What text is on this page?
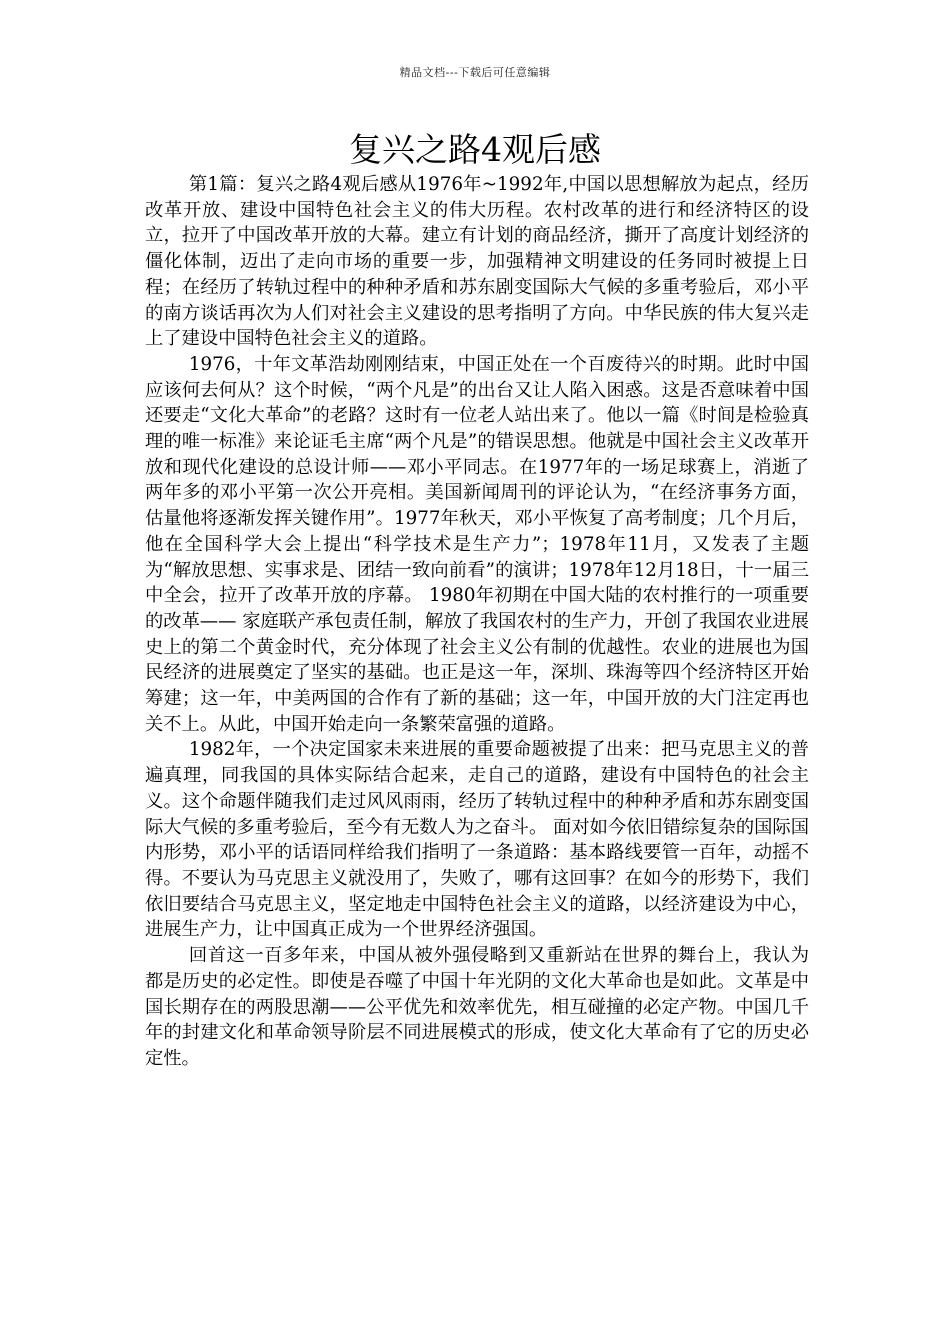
精品文档---下载后可任意编辑
复兴之路4观后感

第1篇：复兴之路4观后感从1976年~1992年,中国以思想解放为起点，经历改革开放、建设中国特色社会主义的伟大历程。农村改革的进行和经济特区的设立，拉开了中国改革开放的大幕。建立有计划的商品经济，撕开了高度计划经济的僵化体制，迈出了走向市场的重要一步，加强精神文明建设的任务同时被提上日程；在经历了转轨过程中的种种矛盾和苏东剧变国际大气候的多重考验后，邓小平的南方谈话再次为人们对社会主义建设的思考指明了方向。中华民族的伟大复兴走上了建设中国特色社会主义的道路。

1976，十年文革浩劫刚刚结束，中国正处在一个百废待兴的时期。此时中国应该何去何从？这个时候，“两个凡是”的出台又让人陷入困惑。这是否意味着中国还要走“文化大革命”的老路？这时有一位老人站出来了。他以一篇《时间是检验真理的唯一标准》来论证毛主席“两个凡是”的错误思想。他就是中国社会主义改革开放和现代化建设的总设计师——邓小平同志。在1977年的一场足球赛上，消逝了两年多的邓小平第一次公开亮相。美国新闻周刊的评论认为，“在经济事务方面，估量他将逐渐发挥关键作用”。1977年秋天，邓小平恢复了高考制度；几个月后，他在全国科学大会上提出“科学技术是生产力”；1978年11月，又发表了主题为“解放思想、实事求是、团结一致向前看”的演讲；1978年12月18日，十一届三中全会，拉开了改革开放的序幕。 1980年初期在中国大陆的农村推行的一项重要的改革—— 家庭联产承包责任制，解放了我国农村的生产力，开创了我国农业进展史上的第二个黄金时代，充分体现了社会主义公有制的优越性。农业的进展也为国民经济的进展奠定了坚实的基础。也正是这一年，深圳、珠海等四个经济特区开始筹建；这一年，中美两国的合作有了新的基础；这一年，中国开放的大门注定再也关不上。从此，中国开始走向一条繁荣富强的道路。

1982年，一个决定国家未来进展的重要命题被提了出来：把马克思主义的普遍真理，同我国的具体实际结合起来，走自己的道路，建设有中国特色的社会主义。这个命题伴随我们走过风风雨雨，经历了转轨过程中的种种矛盾和苏东剧变国际大气候的多重考验后，至今有无数人为之奋斗。 面对如今依旧错综复杂的国际国内形势，邓小平的话语同样给我们指明了一条道路：基本路线要管一百年，动摇不得。不要认为马克思主义就没用了，失败了，哪有这回事？在如今的形势下，我们依旧要结合马克思主义，坚定地走中国特色社会主义的道路，以经济建设为中心，进展生产力，让中国真正成为一个世界经济强国。

回首这一百多年来，中国从被外强侵略到又重新站在世界的舞台上，我认为都是历史的必定性。即使是吞噬了中国十年光阴的文化大革命也是如此。文革是中国长期存在的两股思潮——公平优先和效率优先，相互碰撞的必定产物。中国几千年的封建文化和革命领导阶层不同进展模式的形成，使文化大革命有了它的历史必定性。
